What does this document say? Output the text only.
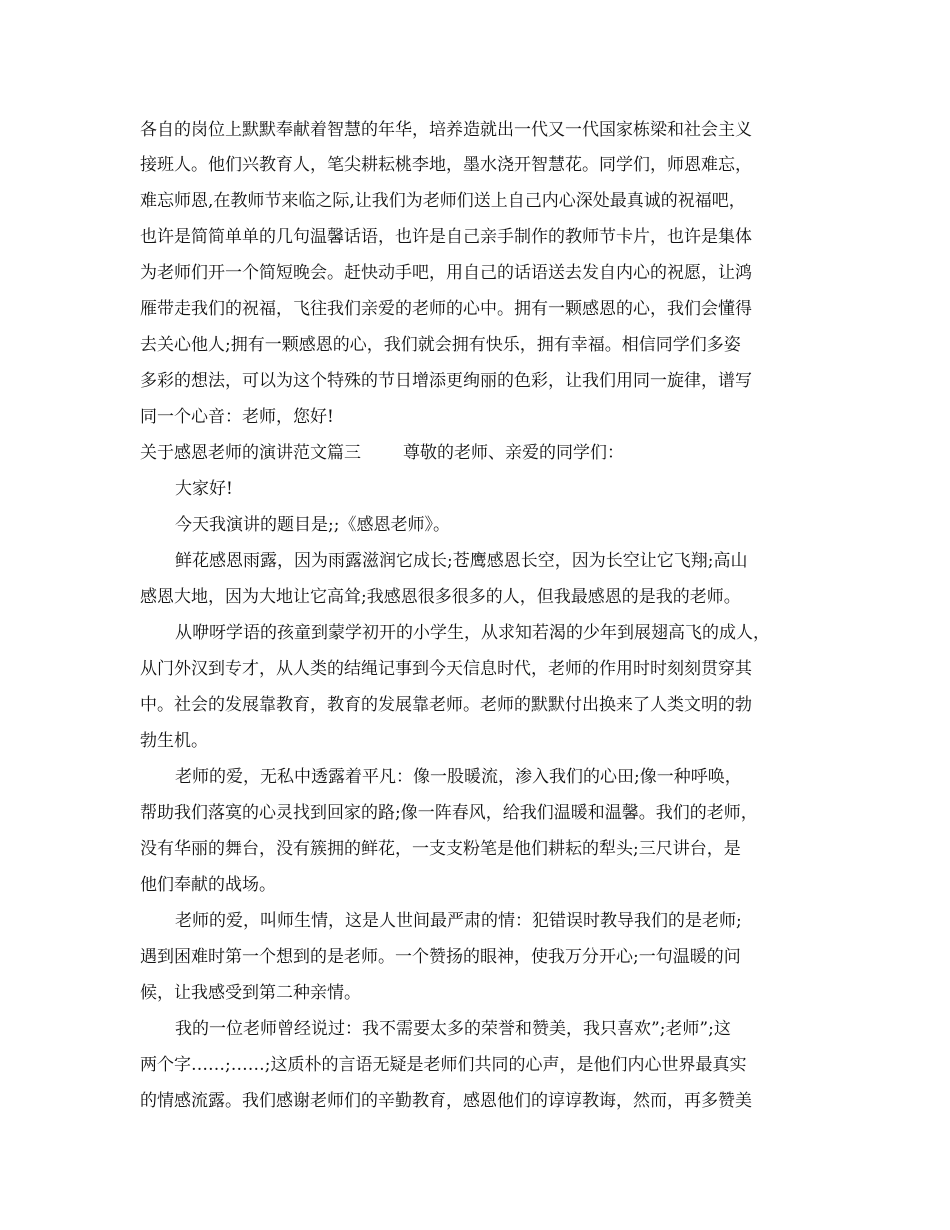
各自的岗位上默默奉献着智慧的年华，培养造就出一代又一代国家栋梁和社会主义
接班人。他们兴教育人，笔尖耕耘桃李地，墨水浇开智慧花。同学们，师恩难忘，
难忘师恩,在教师节来临之际,让我们为老师们送上自己内心深处最真诚的祝福吧，
也许是简简单单的几句温馨话语，也许是自己亲手制作的教师节卡片，也许是集体
为老师们开一个简短晚会。赶快动手吧，用自己的话语送去发自内心的祝愿，让鸿
雁带走我们的祝福，飞往我们亲爱的老师的心中。拥有一颗感恩的心，我们会懂得
去关心他人;拥有一颗感恩的心，我们就会拥有快乐，拥有幸福。相信同学们多姿
多彩的想法，可以为这个特殊的节日增添更绚丽的色彩，让我们用同一旋律，谱写
同一个心音：老师，您好!
关于感恩老师的演讲范文篇三 尊敬的老师、亲爱的同学们：
大家好!
今天我演讲的题目是;;《感恩老师》。
鲜花感恩雨露，因为雨露滋润它成长;苍鹰感恩长空，因为长空让它飞翔;高山
感恩大地，因为大地让它高耸;我感恩很多很多的人，但我最感恩的是我的老师。
从咿呀学语的孩童到蒙学初开的小学生，从求知若渴的少年到展翅高飞的成人，
从门外汉到专才，从人类的结绳记事到今天信息时代，老师的作用时时刻刻贯穿其
中。社会的发展靠教育，教育的发展靠老师。老师的默默付出换来了人类文明的勃
勃生机。
老师的爱，无私中透露着平凡：像一股暖流，渗入我们的心田;像一种呼唤，
帮助我们落寞的心灵找到回家的路;像一阵春风，给我们温暖和温馨。我们的老师，
没有华丽的舞台，没有簇拥的鲜花，一支支粉笔是他们耕耘的犁头;三尺讲台，是
他们奉献的战场。
老师的爱，叫师生情，这是人世间最严肃的情：犯错误时教导我们的是老师;
遇到困难时第一个想到的是老师。一个赞扬的眼神，使我万分开心;一句温暖的问
候，让我感受到第二种亲情。
我的一位老师曾经说过：我不需要太多的荣誉和赞美，我只喜欢”;老师”;这
两个字……;……;这质朴的言语无疑是老师们共同的心声，是他们内心世界最真实
的情感流露。我们感谢老师们的辛勤教育，感恩他们的谆谆教诲，然而，再多赞美
